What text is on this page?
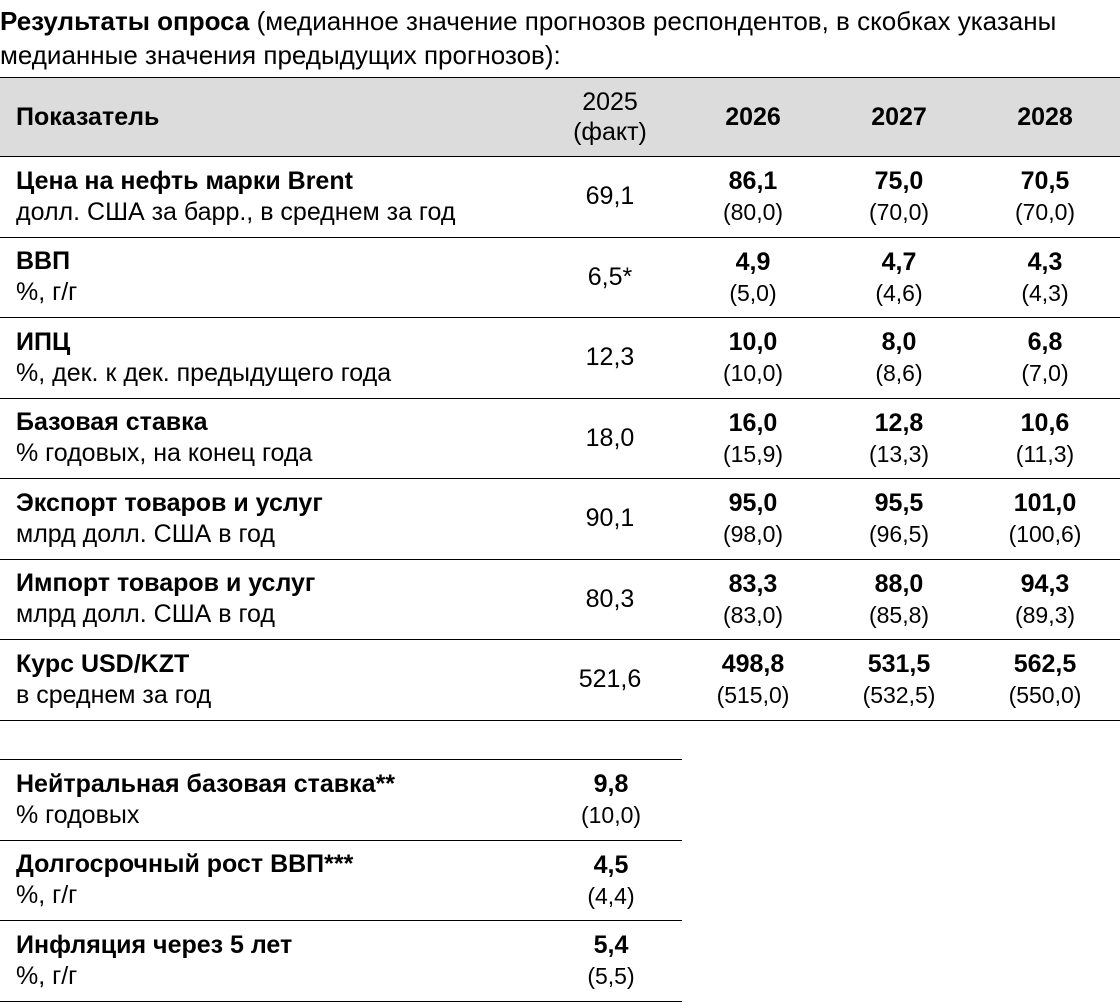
Результаты опроса (медианное значение прогнозов респондентов, в скобках указаны медианные значения предыдущих прогнозов):
Показатель
2025
(факт)
2026	2027	2028
Цена на нефть марки Brent
долл. США за барр., в среднем за год
69,1
86,1
(80,0)
75,0
(70,0)
70,5
(70,0)
ВВП
%, г/г
6,5*
4,9
(5,0)
4,7
(4,6)
4,3
(4,3)
ИПЦ
%, дек. к дек. предыдущего года
12,3
10,0
(10,0)
8,0
(8,6)
6,8
(7,0)
Базовая ставка
% годовых, на конец года
18,0
16,0
(15,9)
12,8
(13,3)
10,6
(11,3)
Экспорт товаров и услуг
млрд долл. США в год
90,1
95,0
(98,0)
95,5
(96,5)
101,0
(100,6)
Импорт товаров и услуг
млрд долл. США в год
80,3
83,3
(83,0)
88,0
(85,8)
94,3
(89,3)
Курс USD/KZT
в среднем за год
521,6
498,8
(515,0)
531,5
(532,5)
562,5
(550,0)
Нейтральная базовая ставка**
% годовых
9,8
(10,0)
Долгосрочный рост ВВП***
%, г/г
4,5
(4,4)
Инфляция через 5 лет
%, г/г
5,4
(5,5)
